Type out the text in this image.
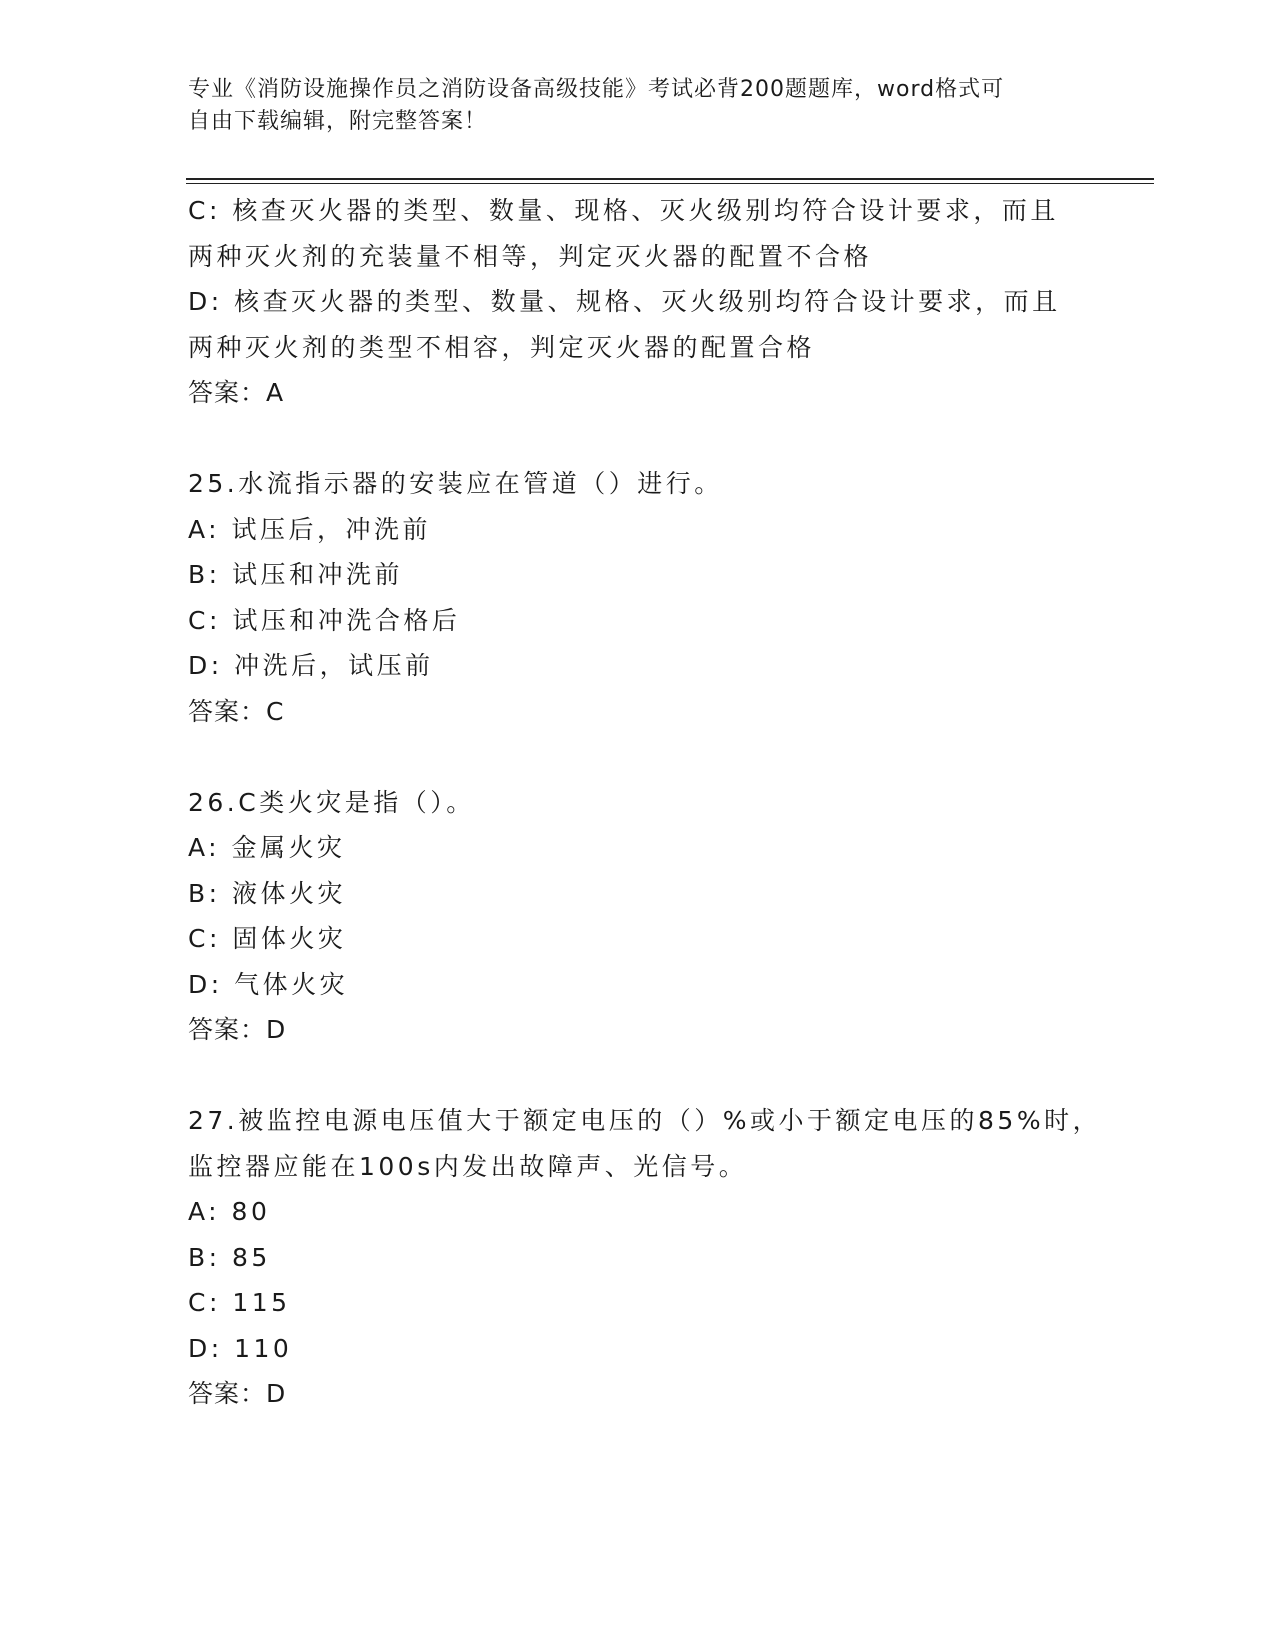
专业《消防设施操作员之消防设备高级技能》考试必背200题题库，word格式可
自由下载编辑，附完整答案！
C: 核查灭火器的类型、数量、现格、灭火级别均符合设计要求，而且
两种灭火剂的充装量不相等，判定灭火器的配置不合格
D: 核查灭火器的类型、数量、规格、灭火级别均符合设计要求，而且
两种灭火剂的类型不相容，判定灭火器的配置合格
答案：A
25.水流指示器的安装应在管道（）进行。
A: 试压后，冲洗前
B: 试压和冲洗前
C: 试压和冲洗合格后
D: 冲洗后，试压前
答案：C
26.C类火灾是指（）。
A: 金属火灾
B: 液体火灾
C: 固体火灾
D: 气体火灾
答案：D
27.被监控电源电压值大于额定电压的（）%或小于额定电压的85%时，
监控器应能在100s内发出故障声、光信号。
A: 80
B: 85
C: 115
D: 110
答案：D
